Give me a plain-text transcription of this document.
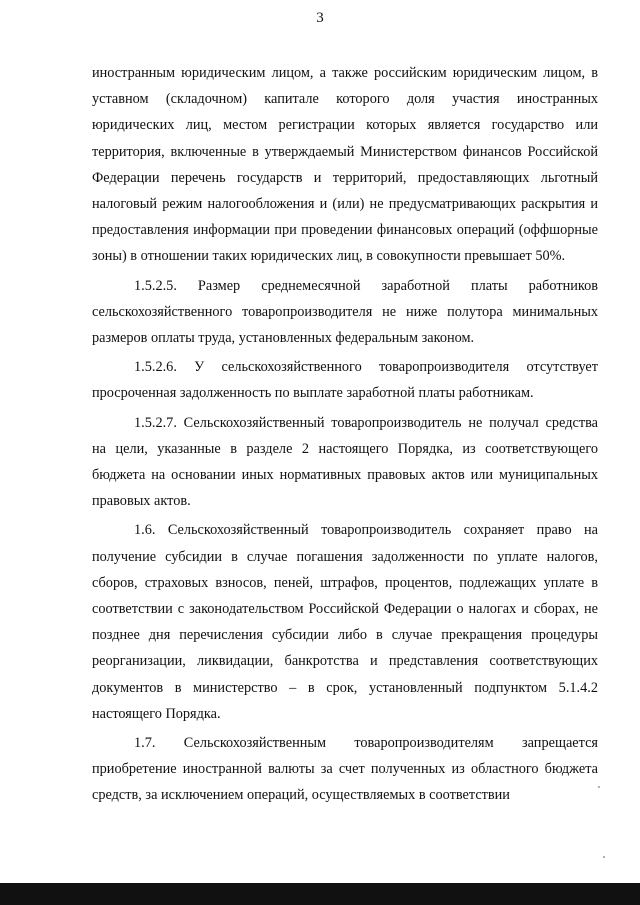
3

иностранным юридическим лицом, а также российским юридическим лицом, в уставном (складочном) капитале которого доля участия иностранных юридических лиц, местом регистрации которых является государство или территория, включенные в утверждаемый Министерством финансов Российской Федерации перечень государств и территорий, предоставляющих льготный налоговый режим налогообложения и (или) не предусматривающих раскрытия и предоставления информации при проведении финансовых операций (оффшорные зоны) в отношении таких юридических лиц, в совокупности превышает 50%.

1.5.2.5. Размер среднемесячной заработной платы работников сельскохозяйственного товаропроизводителя не ниже полутора минимальных размеров оплаты труда, установленных федеральным законом.

1.5.2.6. У сельскохозяйственного товаропроизводителя отсутствует просроченная задолженность по выплате заработной платы работникам.

1.5.2.7. Сельскохозяйственный товаропроизводитель не получал средства на цели, указанные в разделе 2 настоящего Порядка, из соответствующего бюджета на основании иных нормативных правовых актов или муниципальных правовых актов.

1.6. Сельскохозяйственный товаропроизводитель сохраняет право на получение субсидии в случае погашения задолженности по уплате налогов, сборов, страховых взносов, пеней, штрафов, процентов, подлежащих уплате в соответствии с законодательством Российской Федерации о налогах и сборах, не позднее дня перечисления субсидии либо в случае прекращения процедуры реорганизации, ликвидации, банкротства и представления соответствующих документов в министерство – в срок, установленный подпунктом 5.1.4.2 настоящего Порядка.

1.7. Сельскохозяйственным товаропроизводителям запрещается приобретение иностранной валюты за счет полученных из областного бюджета средств, за исключением операций, осуществляемых в соответствии
